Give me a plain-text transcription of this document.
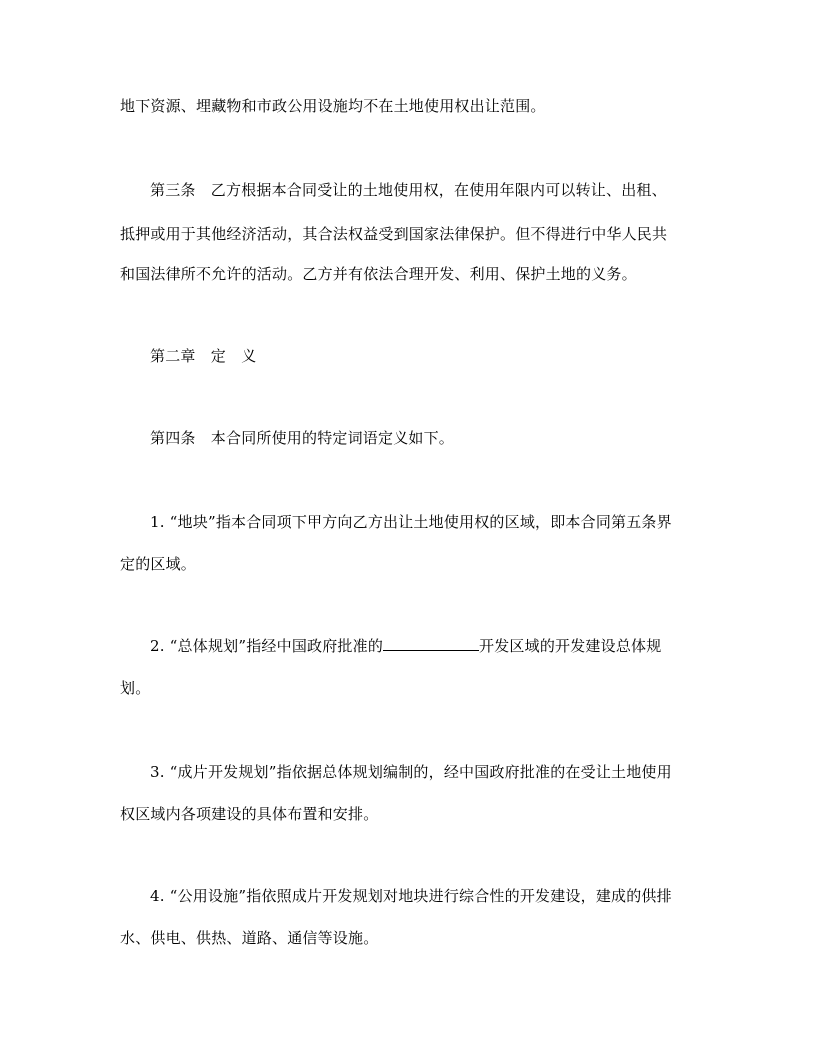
地下资源、埋藏物和市政公用设施均不在土地使用权出让范围。
第三条　乙方根据本合同受让的土地使用权，在使用年限内可以转让、出租、
抵押或用于其他经济活动，其合法权益受到国家法律保护。但不得进行中华人民共
和国法律所不允许的活动。乙方并有依法合理开发、利用、保护土地的义务。
第二章　定　义
第四条　本合同所使用的特定词语定义如下。
1. “地块”指本合同项下甲方向乙方出让土地使用权的区域，即本合同第五条界
定的区域。
2. “总体规划”指经中国政府批准的	开发区域的开发建设总体规
划。
3. “成片开发规划”指依据总体规划编制的，经中国政府批准的在受让土地使用
权区域内各项建设的具体布置和安排。
4. “公用设施”指依照成片开发规划对地块进行综合性的开发建设，建成的供排
水、供电、供热、道路、通信等设施。
